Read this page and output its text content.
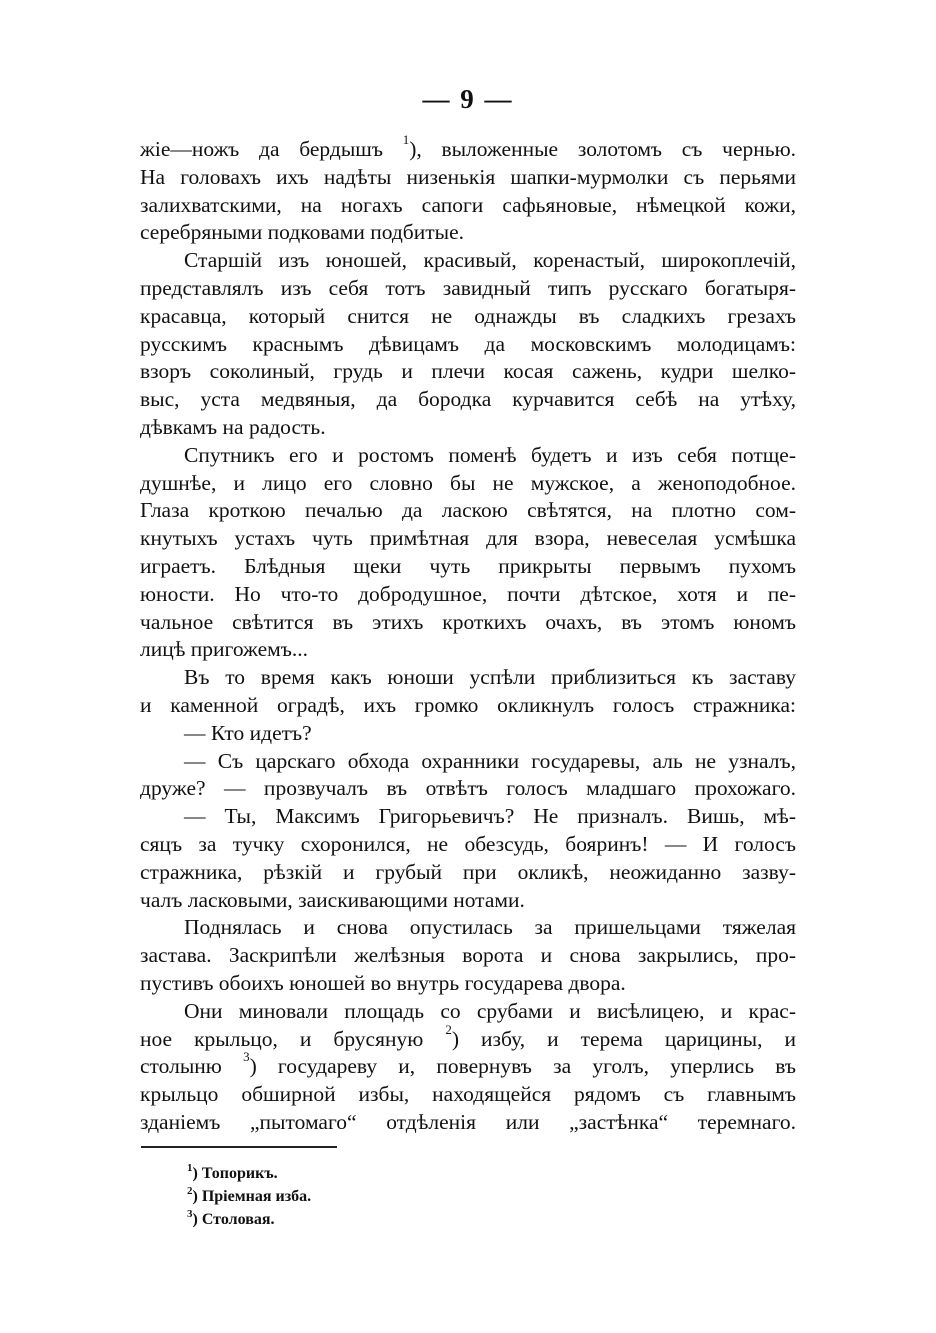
— 9 —

жіе—ножъ да бердышъ $^1$), выложенные золотомъ съ чернью.
На головахъ ихъ надѣты низенькія шапки-мурмолки съ перьями
залихватскими, на ногахъ сапоги сафьяновые, нѣмецкой кожи,
серебряными подковами подбитые.

Старшій изъ юношей, красивый, коренастый, широкоплечій,
представлялъ изъ себя тотъ завидный типъ русскаго богатыря-
красавца, который снится не однажды въ сладкихъ грезахъ
русскимъ краснымъ дѣвицамъ да московскимъ молодицамъ:
взоръ соколиный, грудь и плечи косая сажень, кудри шелко-
выс, уста медвяныя, да бородка курчавится себѣ на утѣху,
дѣвкамъ на радость.

Спутникъ его и ростомъ поменѣ будетъ и изъ себя потще-
душнѣе, и лицо его словно бы не мужское, а женоподобное.
Глаза кроткою печалью да ласкою свѣтятся, на плотно сом-
кнутыхъ устахъ чуть примѣтная для взора, невеселая усмѣшка
играетъ. Блѣдныя щеки чуть прикрыты первымъ пухомъ
юности. Но что-то добродушное, почти дѣтское, хотя и пе-
чальное свѣтится въ этихъ кроткихъ очахъ, въ этомъ юномъ
лицѣ пригожемъ...

Въ то время какъ юноши успѣли приблизиться къ заставу
и каменной оградѣ, ихъ громко окликнулъ голосъ стражника:

— Кто идетъ?

— Съ царскаго обхода охранники государевы, аль не узналъ,
друже? — прозвучалъ въ отвѣтъ голосъ младшаго прохожаго.

— Ты, Максимъ Григорьевичъ? Не призналъ. Вишь, мѣ-
сяцъ за тучку схоронился, не обезсудь, бояринъ! — И голосъ
стражника, рѣзкій и грубый при окликѣ, неожиданно зазву-
чалъ ласковыми, заискивающими нотами.

Поднялась и снова опустилась за пришельцами тяжелая
застава. Заскрипѣли желѣзныя ворота и снова закрылись, про-
пустивъ обоихъ юношей во внутрь государева двора.

Они миновали площадь со срубами и висѣлицею, и крас-
ное крыльцо, и брусяную $^2$) избу, и терема царицины, и
столыню $^3$) государеву и, повернувъ за уголъ, уперлись въ
крыльцо обширной избы, находящейся рядомъ съ главнымъ
зданіемъ „пытомаго“ отдѣленія или „застѣнка“ теремнаго.

$^1$) Топорикъ.
$^2$) Пріемная изба.
$^3$) Столовая.
